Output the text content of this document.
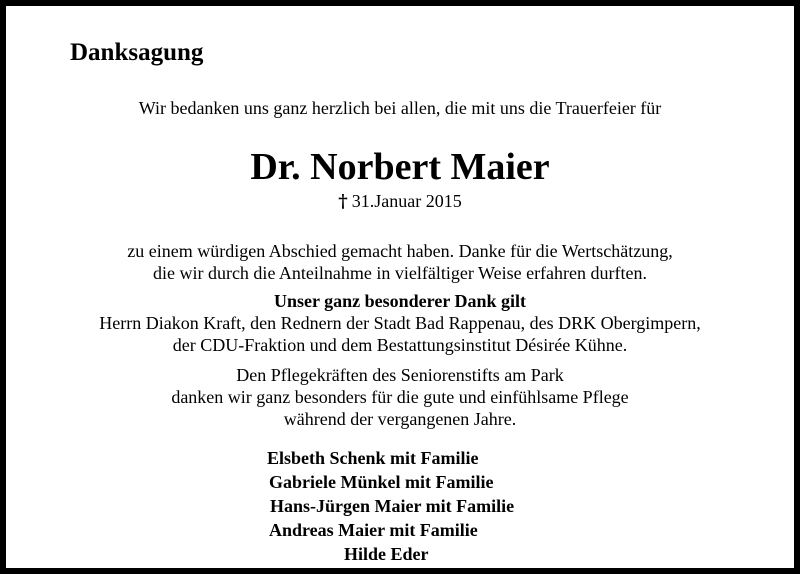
Danksagung
Wir bedanken uns ganz herzlich bei allen, die mit uns die Trauerfeier für
Dr. Norbert Maier
† 31.Januar 2015
zu einem würdigen Abschied gemacht haben. Danke für die Wertschätzung,
die wir durch die Anteilnahme in vielfältiger Weise erfahren durften.
Unser ganz besonderer Dank gilt
Herrn Diakon Kraft, den Rednern der Stadt Bad Rappenau, des DRK Obergimpern,
der CDU-Fraktion und dem Bestattungsinstitut Désirée Kühne.
Den Pflegekräften des Seniorenstifts am Park
danken wir ganz besonders für die gute und einfühlsame Pflege
während der vergangenen Jahre.
Elsbeth Schenk mit Familie
Gabriele Münkel mit Familie
Hans-Jürgen Maier mit Familie
Andreas Maier mit Familie
Hilde Eder
